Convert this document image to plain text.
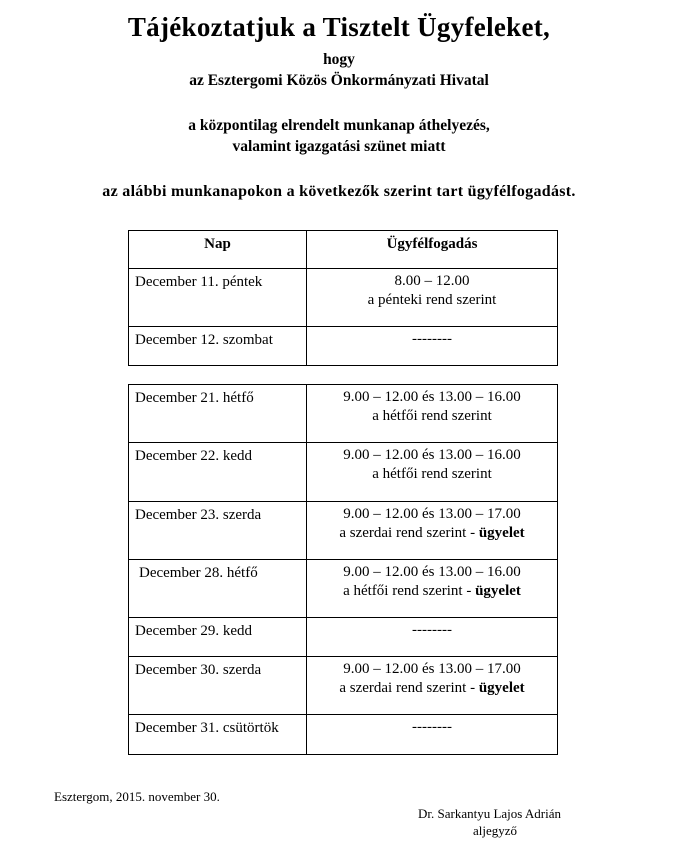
Tájékoztatjuk a Tisztelt Ügyfeleket,

hogy

az Esztergomi Közös Önkormányzati Hivatal

a központilag elrendelt munkanap áthelyezés,

valamint igazgatási szünet miatt

az alábbi munkanapokon a következők szerint tart ügyfélfogadást.

Nap	Ügyfélfogadás
December 11. péntek	8.00 – 12.00
a pénteki rend szerint

December 12. szombat	--------
December 21. hétfő	9.00 – 12.00 és 13.00 – 16.00
a hétfői rend szerint

December 22. kedd	9.00 – 12.00 és 13.00 – 16.00
a hétfői rend szerint

December 23. szerda	9.00 – 12.00 és 13.00 – 17.00
a szerdai rend szerint - ügyelet

December 28. hétfő	9.00 – 12.00 és 13.00 – 16.00
a hétfői rend szerint - ügyelet

December 29. kedd	--------

December 30. szerda	9.00 – 12.00 és 13.00 – 17.00
a szerdai rend szerint - ügyelet

December 31. csütörtök	--------
Esztergom, 2015. november 30.
Dr. Sarkantyu Lajos Adrián
aljegyző
